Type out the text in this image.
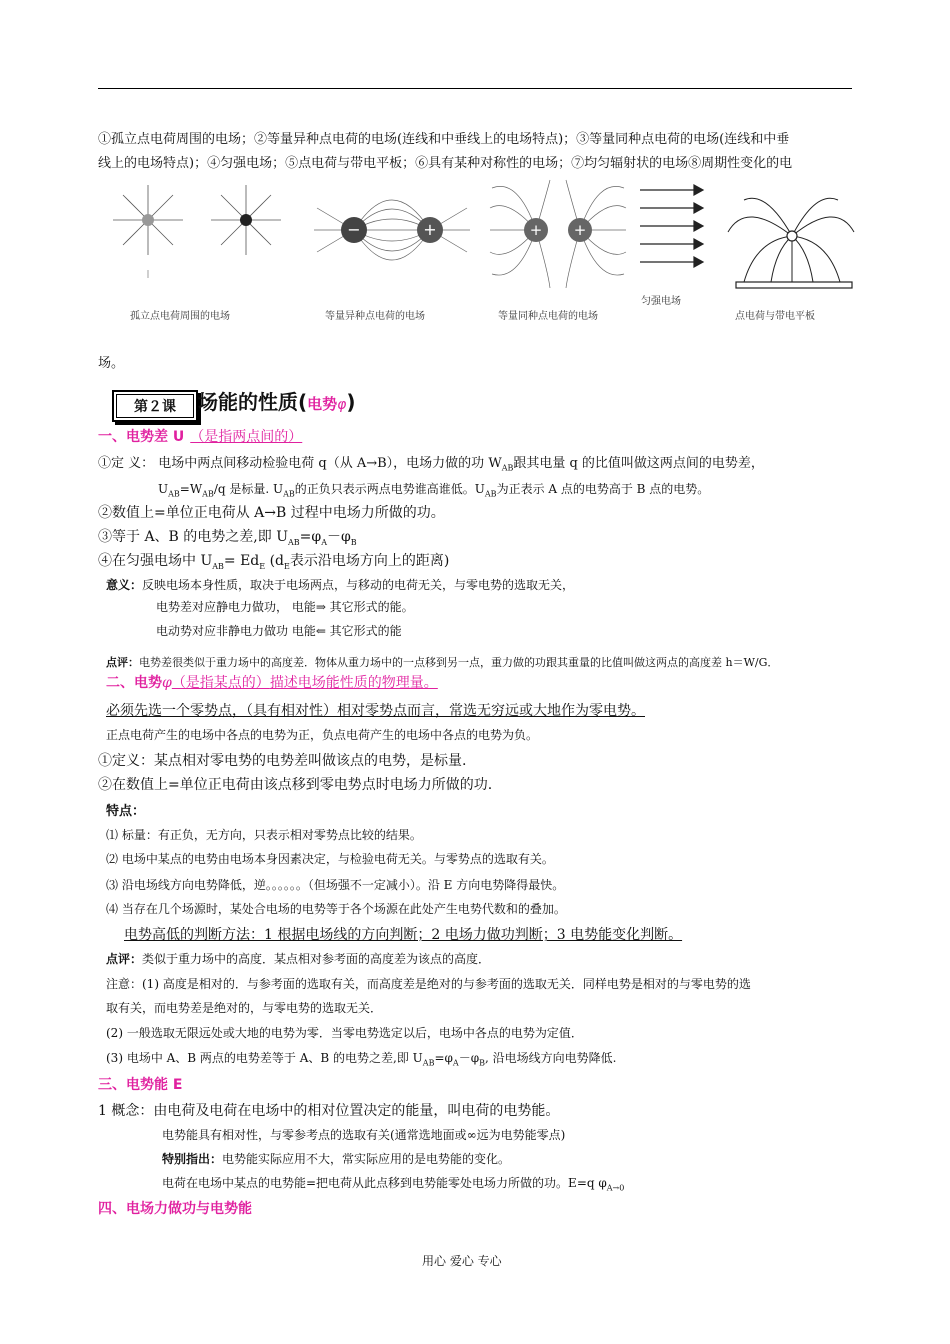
①孤立点电荷周围的电场；②等量异种点电荷的电场(连线和中垂线上的电场特点)；③等量同种点电荷的电场(连线和中垂
线上的电场特点)；④匀强电场；⑤点电荷与带电平板；⑥具有某种对称性的电场；⑦均匀辐射状的电场⑧周期性变化的电
孤立点电荷周围的电场
−	+
等量异种点电荷的电场
+ +
等量同种点电荷的电场
匀强电场
点电荷与带电平板
场。
第２课 场能的性质(电势φ)
一、电势差 U （是指两点间的）
①定 义： 电场中两点间移动检验电荷 q（从 A→B），电场力做的功 $W_{AB}$跟其电量 q 的比值叫做这两点间的电势差，
$U_{AB}=W_{AB}/q$ 是标量. $U_{AB}$的正负只表示两点电势谁高谁低。$U_{AB}$为正表示 A 点的电势高于 B 点的电势。
②数值上=单位正电荷从 A→B 过程中电场力所做的功。
③等于 A、B 的电势之差,即 $U_{AB}=\varphi_A-\varphi_B$
④在匀强电场中 $U_{AB}= Ed_E$ ($d_E$表示沿电场方向上的距离)
意义：反映电场本身性质，取决于电场两点，与移动的电荷无关，与零电势的选取无关，
电势差对应静电力做功， 电能⇒ 其它形式的能。
电动势对应非静电力做功 电能⇐ 其它形式的能
点评：电势差很类似于重力场中的高度差．物体从重力场中的一点移到另一点，重力做的功跟其重量的比值叫做这两点的高度差 h＝W/G．
二、电势φ（是指某点的）描述电场能性质的物理量。
必须先选一个零势点，（具有相对性）相对零势点而言，常选无穷远或大地作为零电势。
正点电荷产生的电场中各点的电势为正，负点电荷产生的电场中各点的电势为负。
①定义：某点相对零电势的电势差叫做该点的电势，是标量.
②在数值上=单位正电荷由该点移到零电势点时电场力所做的功.
特点：
⑴ 标量：有正负，无方向，只表示相对零势点比较的结果。
⑵ 电场中某点的电势由电场本身因素决定，与检验电荷无关。与零势点的选取有关。
⑶ 沿电场线方向电势降低，逆。。。。。。（但场强不一定减小）。沿 E 方向电势降得最快。
⑷ 当存在几个场源时，某处合电场的电势等于各个场源在此处产生电势代数和的叠加。
电势高低的判断方法：1 根据电场线的方向判断；2 电场力做功判断；3 电势能变化判断。
点评：类似于重力场中的高度．某点相对参考面的高度差为该点的高度．
注意：(1) 高度是相对的．与参考面的选取有关，而高度差是绝对的与参考面的选取无关．同样电势是相对的与零电势的选
取有关，而电势差是绝对的，与零电势的选取无关．
(2) 一般选取无限远处或大地的电势为零．当零电势选定以后，电场中各点的电势为定值．
(3) 电场中 A、B 两点的电势差等于 A、B 的电势之差,即 $U_{AB}=\varphi_A-\varphi_B$, 沿电场线方向电势降低.
三、电势能 E
1 概念：由电荷及电荷在电场中的相对位置决定的能量，叫电荷的电势能。
电势能具有相对性，与零参考点的选取有关(通常选地面或∞远为电势能零点)
特别指出：电势能实际应用不大，常实际应用的是电势能的变化。
电荷在电场中某点的电势能=把电荷从此点移到电势能零处电场力所做的功。E=q $\varphi_{A\to 0}$
四、电场力做功与电势能
用心 爱心 专心
